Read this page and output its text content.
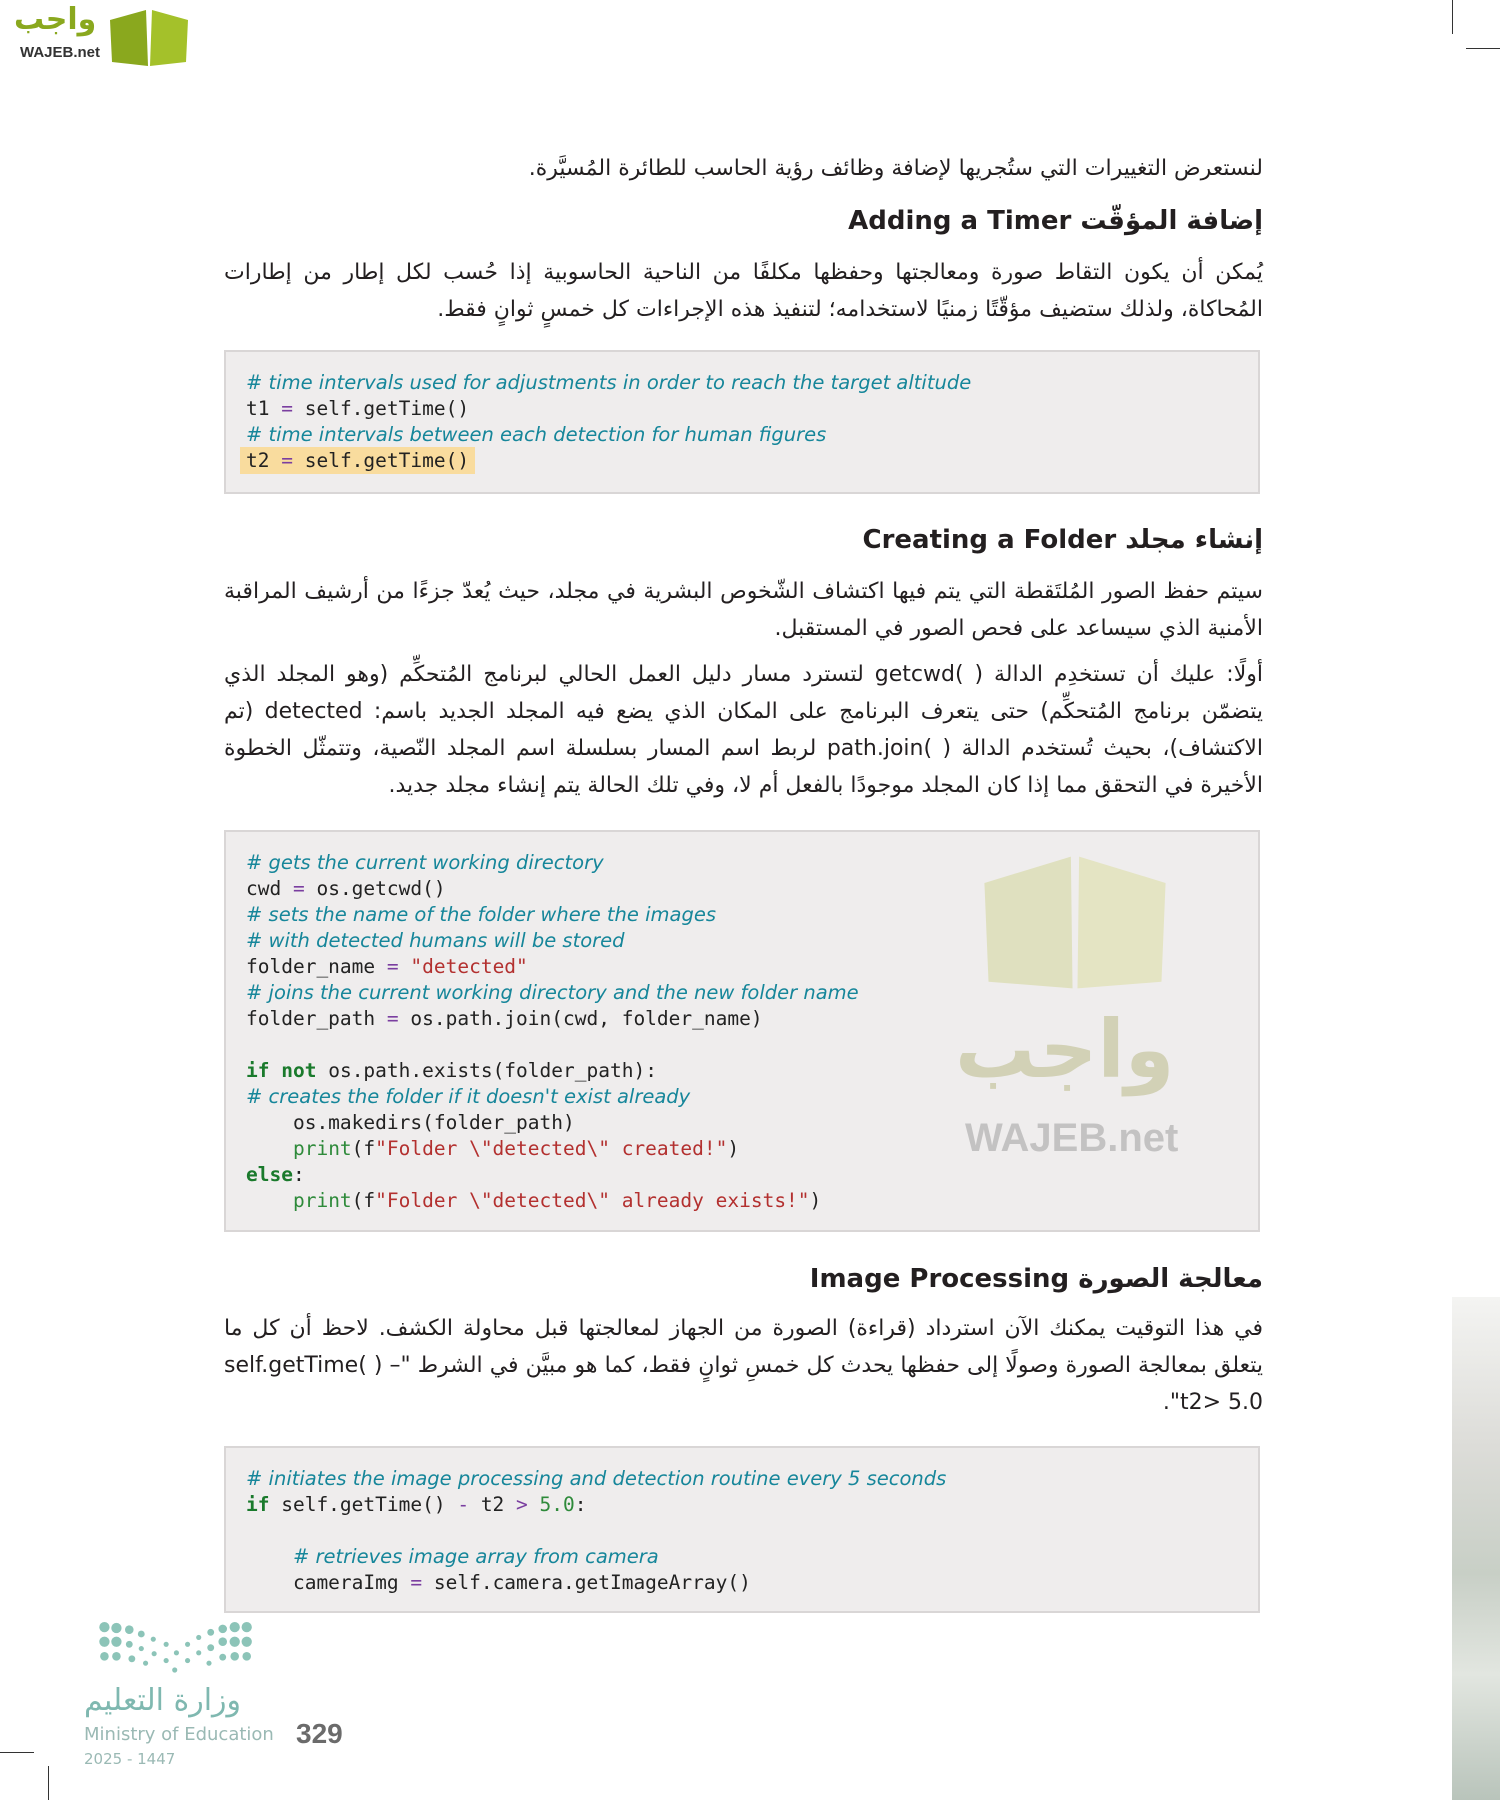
واجب
WAJEB.net
لنستعرض التغييرات التي ستُجريها لإضافة وظائف رؤية الحاسب للطائرة المُسيَّرة.
إضافة المؤقّت Adding a Timer
يُمكن أن يكون التقاط صورة ومعالجتها وحفظها مكلفًا من الناحية الحاسوبية إذا حُسب لكل إطار من إطارات المُحاكاة، ولذلك ستضيف مؤقّتًا زمنيًا لاستخدامه؛ لتنفيذ هذه الإجراءات كل خمسٍ ثوانٍ فقط.
# time intervals used for adjustments in order to reach the target altitude
t1 = self.getTime()
# time intervals between each detection for human figures
t2 = self.getTime()
إنشاء مجلد Creating a Folder
سيتم حفظ الصور المُلتَقطة التي يتم فيها اكتشاف الشّخوص البشرية في مجلد، حيث يُعدّ جزءًا من أرشيف المراقبة الأمنية الذي سيساعد على فحص الصور في المستقبل.
أولًا: عليك أن تستخدِم الدالة ( )getcwd لتسترد مسار دليل العمل الحالي لبرنامج المُتحكِّم (وهو المجلد الذي يتضمّن برنامج المُتحكِّم) حتى يتعرف البرنامج على المكان الذي يضع فيه المجلد الجديد باسم: detected (تم الاكتشاف)، بحيث تُستخدم الدالة ( )path.join لربط اسم المسار بسلسلة اسم المجلد النّصية، وتتمثّل الخطوة الأخيرة في التحقق مما إذا كان المجلد موجودًا بالفعل أم لا، وفي تلك الحالة يتم إنشاء مجلد جديد.
# gets the current working directory
cwd = os.getcwd()
# sets the name of the folder where the images
# with detected humans will be stored
folder_name = "detected"
# joins the current working directory and the new folder name
folder_path = os.path.join(cwd, folder_name)
if not os.path.exists(folder_path):
# creates the folder if it doesn't exist already
os.makedirs(folder_path)
print(f"Folder \"detected\" created!")
else:
print(f"Folder \"detected\" already exists!")
واجب
WAJEB.net
معالجة الصورة Image Processing
في هذا التوقيت يمكنك الآن استرداد (قراءة) الصورة من الجهاز لمعالجتها قبل محاولة الكشف. لاحظ أن كل ما يتعلق بمعالجة الصورة وصولًا إلى حفظها يحدث كل خمسِ ثوانٍ فقط، كما هو مبيَّن في الشرط "self.getTime( ) – t2> 5.0".
# initiates the image processing and detection routine every 5 seconds
if self.getTime() - t2 > 5.0:
# retrieves image array from camera
cameraImg = self.camera.getImageArray()
وزارة التعليم
Ministry of Education
2025 - 1447
329
